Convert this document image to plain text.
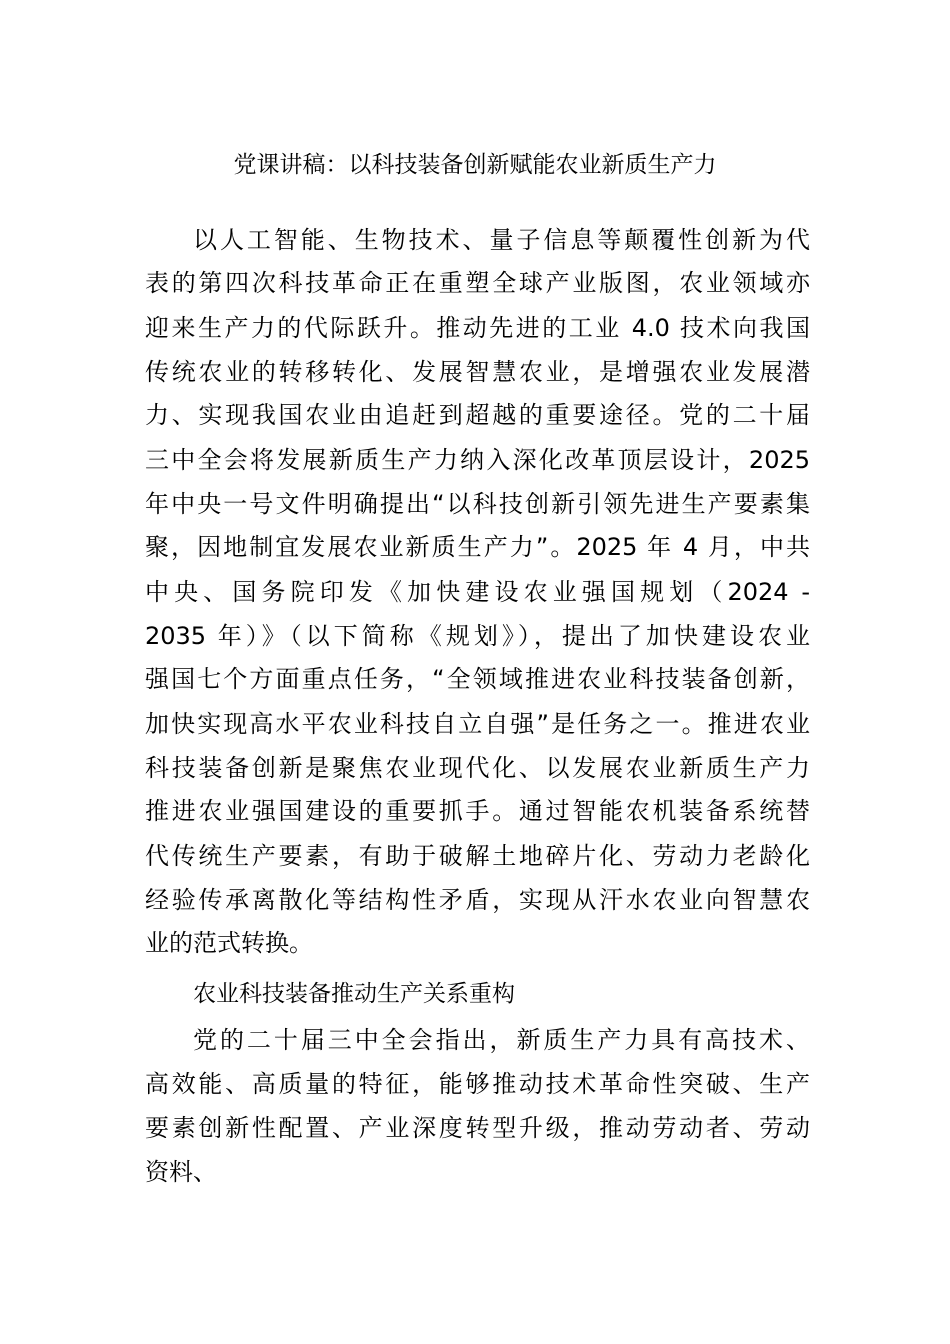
党课讲稿：以科技装备创新赋能农业新质生产力
以人工智能、生物技术、量子信息等颠覆性创新为代
表的第四次科技革命正在重塑全球产业版图，农业领域亦
迎来生产力的代际跃升。推动先进的工业 4.0 技术向我国
传统农业的转移转化、发展智慧农业，是增强农业发展潜
力、实现我国农业由追赶到超越的重要途径。党的二十届
三中全会将发展新质生产力纳入深化改革顶层设计，2025
年中央一号文件明确提出“以科技创新引领先进生产要素集
聚，因地制宜发展农业新质生产力”。2025 年 4 月，中共
中央、国务院印发《加快建设农业强国规划（2024 -
2035 年）》（以下简称《规划》），提出了加快建设农业
强国七个方面重点任务，“全领域推进农业科技装备创新，
加快实现高水平农业科技自立自强”是任务之一。推进农业
科技装备创新是聚焦农业现代化、以发展农业新质生产力
推进农业强国建设的重要抓手。通过智能农机装备系统替
代传统生产要素，有助于破解土地碎片化、劳动力老龄化
经验传承离散化等结构性矛盾，实现从汗水农业向智慧农
业的范式转换。
农业科技装备推动生产关系重构
党的二十届三中全会指出，新质生产力具有高技术、
高效能、高质量的特征，能够推动技术革命性突破、生产
要素创新性配置、产业深度转型升级，推动劳动者、劳动
资料、
